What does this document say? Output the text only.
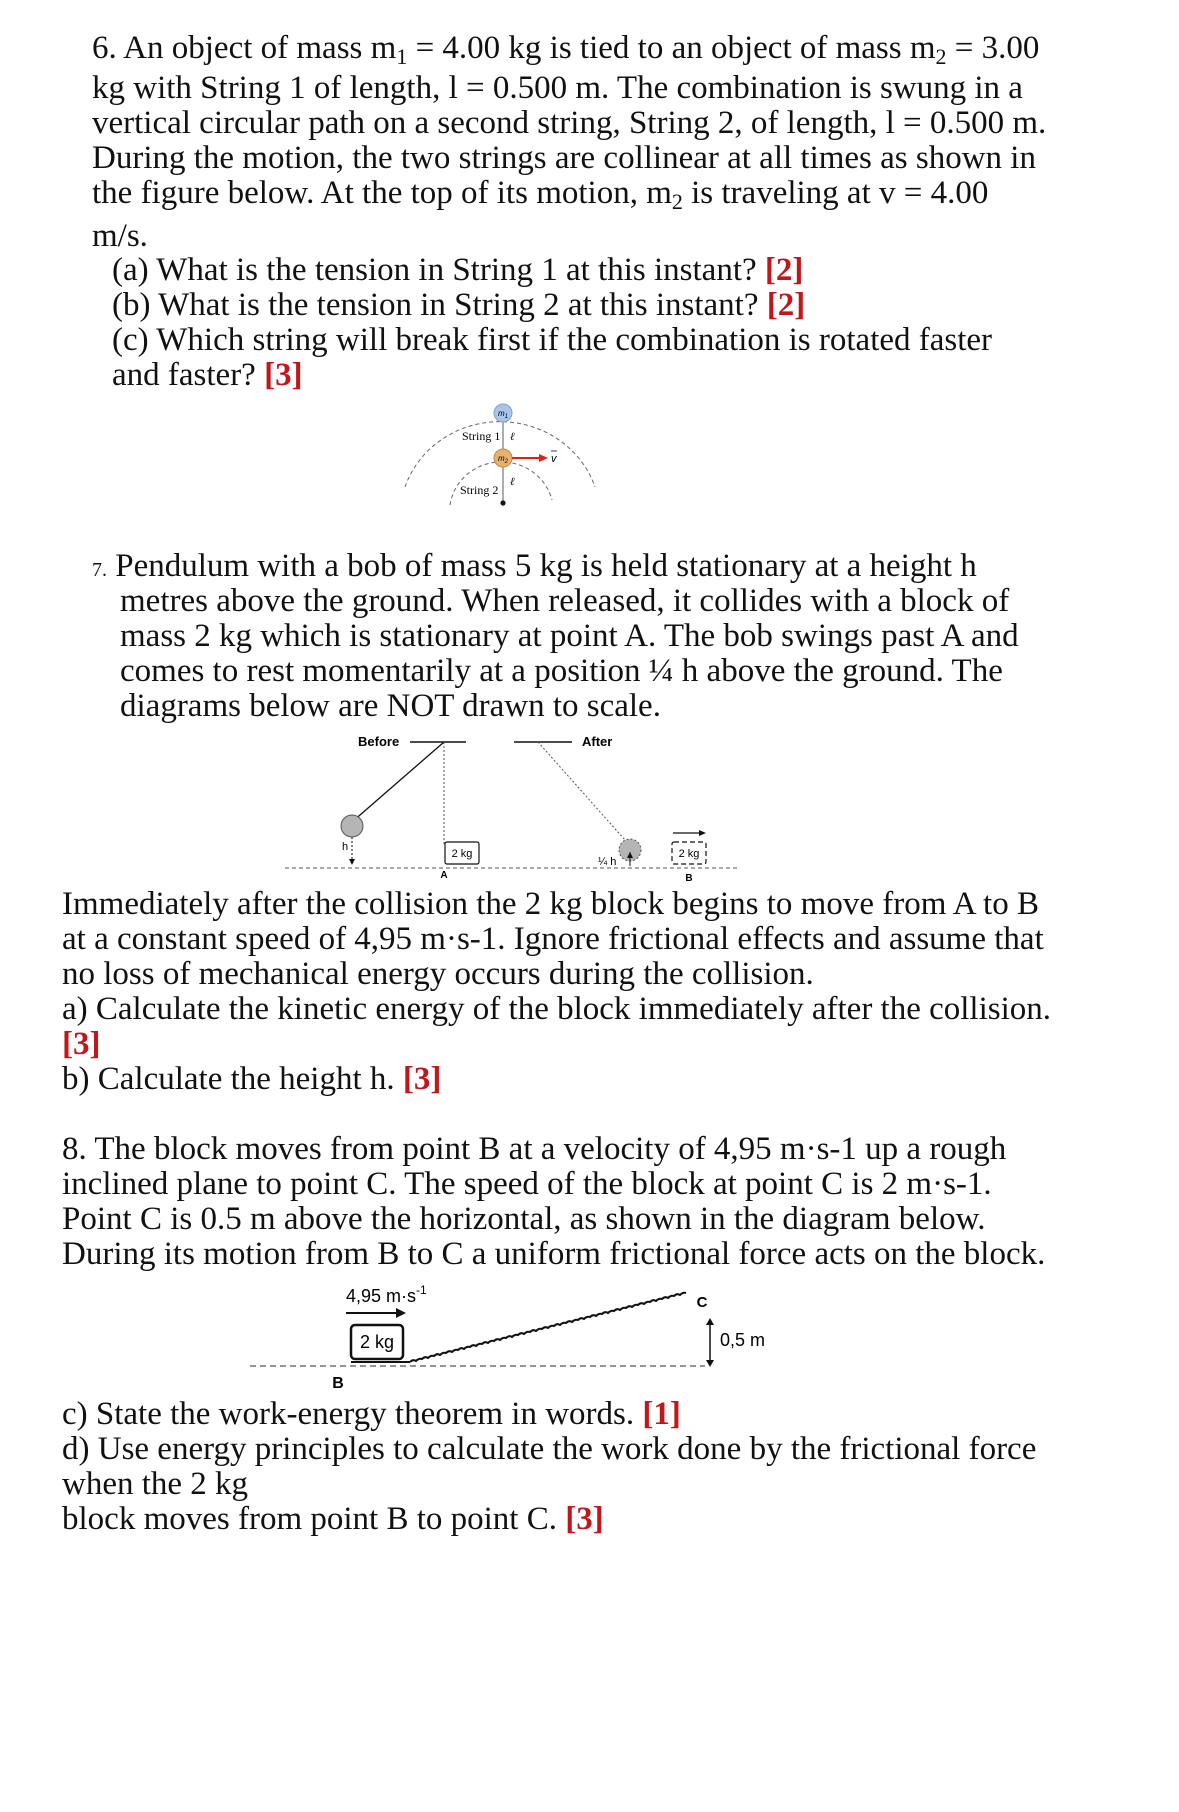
6. An object of mass $m_1 = 4.00$ kg is tied to an object of mass $m_2 = 3.00$
kg with String 1 of length, l = 0.500 m. The combination is swung in a
vertical circular path on a second string, String 2, of length, l = 0.500 m.
During the motion, the two strings are collinear at all times as shown in
the figure below. At the top of its motion, $m_2$ is traveling at v = 4.00
m/s.
(a) What is the tension in String 1 at this instant? [2]
(b) What is the tension in String 2 at this instant? [2]
(c) Which string will break first if the combination is rotated faster
and faster? [3]
$m_1$
$m_2$	v
String 1 ℓ
String 2
ℓ
7. Pendulum with a bob of mass 5 kg is held stationary at a height h
metres above the ground. When released, it collides with a block of
mass 2 kg which is stationary at point A. The bob swings past A and
comes to rest momentarily at a position ¼ h above the ground. The
diagrams below are NOT drawn to scale.
Before
h
2 kg
A
After
¼ h
2 kg
B
Immediately after the collision the 2 kg block begins to move from A to B
at a constant speed of 4,95 m·s-1. Ignore frictional effects and assume that
no loss of mechanical energy occurs during the collision.
a) Calculate the kinetic energy of the block immediately after the collision.
[3]
b) Calculate the height h. [3]
8. The block moves from point B at a velocity of 4,95 m·s-1 up a rough
inclined plane to point C. The speed of the block at point C is 2 m·s-1.
Point C is 0.5 m above the horizontal, as shown in the diagram below.
During its motion from B to C a uniform frictional force acts on the block.
4,95 $m\cdot s^{-1}$
2 kg
C
0,5 m
B
c) State the work-energy theorem in words. [1]
d) Use energy principles to calculate the work done by the frictional force
when the 2 kg
block moves from point B to point C. [3]
